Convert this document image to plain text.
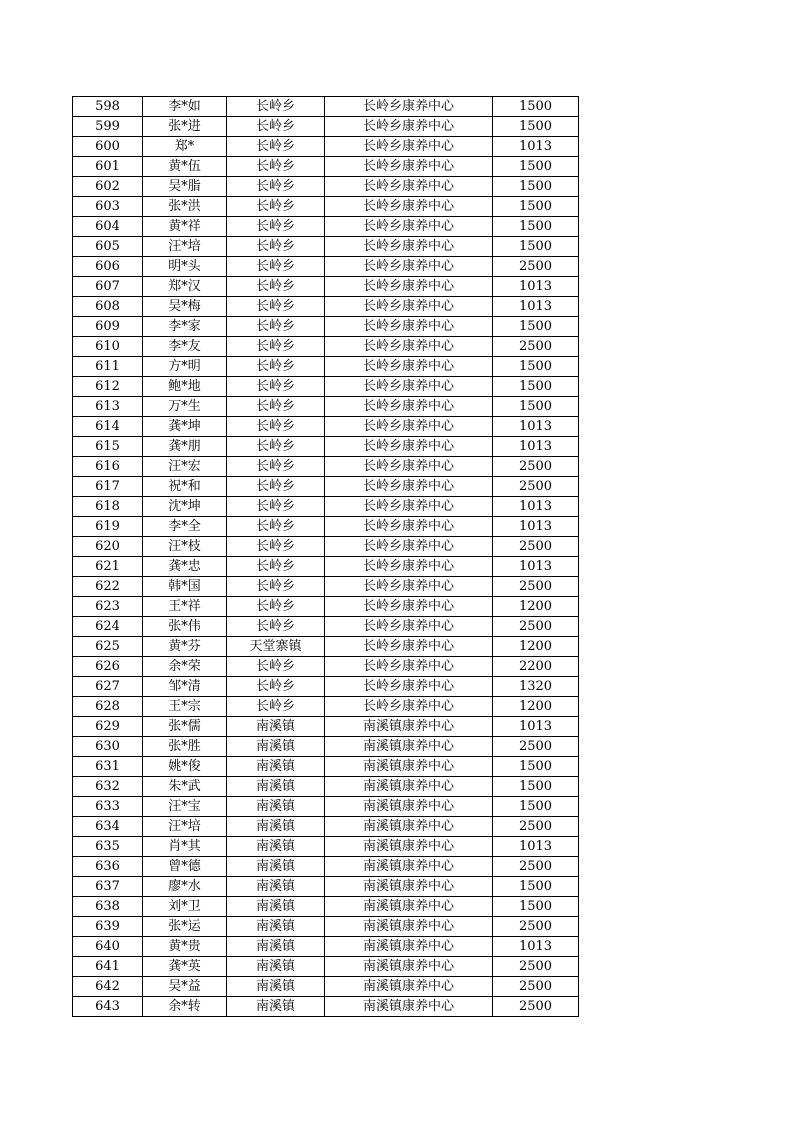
598	李*如	长岭乡	长岭乡康养中心	1500
599	张*进	长岭乡	长岭乡康养中心	1500
600	郑*	长岭乡	长岭乡康养中心	1013
601	黄*伍	长岭乡	长岭乡康养中心	1500
602	吴*脂	长岭乡	长岭乡康养中心	1500
603	张*洪	长岭乡	长岭乡康养中心	1500
604	黄*祥	长岭乡	长岭乡康养中心	1500
605	汪*培	长岭乡	长岭乡康养中心	1500
606	明*头	长岭乡	长岭乡康养中心	2500
607	郑*汉	长岭乡	长岭乡康养中心	1013
608	吴*梅	长岭乡	长岭乡康养中心	1013
609	李*家	长岭乡	长岭乡康养中心	1500
610	李*友	长岭乡	长岭乡康养中心	2500
611	方*明	长岭乡	长岭乡康养中心	1500
612	鲍*地	长岭乡	长岭乡康养中心	1500
613	万*生	长岭乡	长岭乡康养中心	1500
614	龚*坤	长岭乡	长岭乡康养中心	1013
615	龚*朋	长岭乡	长岭乡康养中心	1013
616	汪*宏	长岭乡	长岭乡康养中心	2500
617	祝*和	长岭乡	长岭乡康养中心	2500
618	沈*坤	长岭乡	长岭乡康养中心	1013
619	李*全	长岭乡	长岭乡康养中心	1013
620	汪*枝	长岭乡	长岭乡康养中心	2500
621	龚*忠	长岭乡	长岭乡康养中心	1013
622	韩*国	长岭乡	长岭乡康养中心	2500
623	王*祥	长岭乡	长岭乡康养中心	1200
624	张*伟	长岭乡	长岭乡康养中心	2500
625	黄*芬	天堂寨镇	长岭乡康养中心	1200
626	余*荣	长岭乡	长岭乡康养中心	2200
627	邹*清	长岭乡	长岭乡康养中心	1320
628	王*宗	长岭乡	长岭乡康养中心	1200
629	张*儒	南溪镇	南溪镇康养中心	1013
630	张*胜	南溪镇	南溪镇康养中心	2500
631	姚*俊	南溪镇	南溪镇康养中心	1500
632	朱*武	南溪镇	南溪镇康养中心	1500
633	汪*宝	南溪镇	南溪镇康养中心	1500
634	汪*培	南溪镇	南溪镇康养中心	2500
635	肖*其	南溪镇	南溪镇康养中心	1013
636	曾*德	南溪镇	南溪镇康养中心	2500
637	廖*水	南溪镇	南溪镇康养中心	1500
638	刘*卫	南溪镇	南溪镇康养中心	1500
639	张*运	南溪镇	南溪镇康养中心	2500
640	黄*贵	南溪镇	南溪镇康养中心	1013
641	龚*英	南溪镇	南溪镇康养中心	2500
642	吴*益	南溪镇	南溪镇康养中心	2500
643	余*转	南溪镇	南溪镇康养中心	2500
